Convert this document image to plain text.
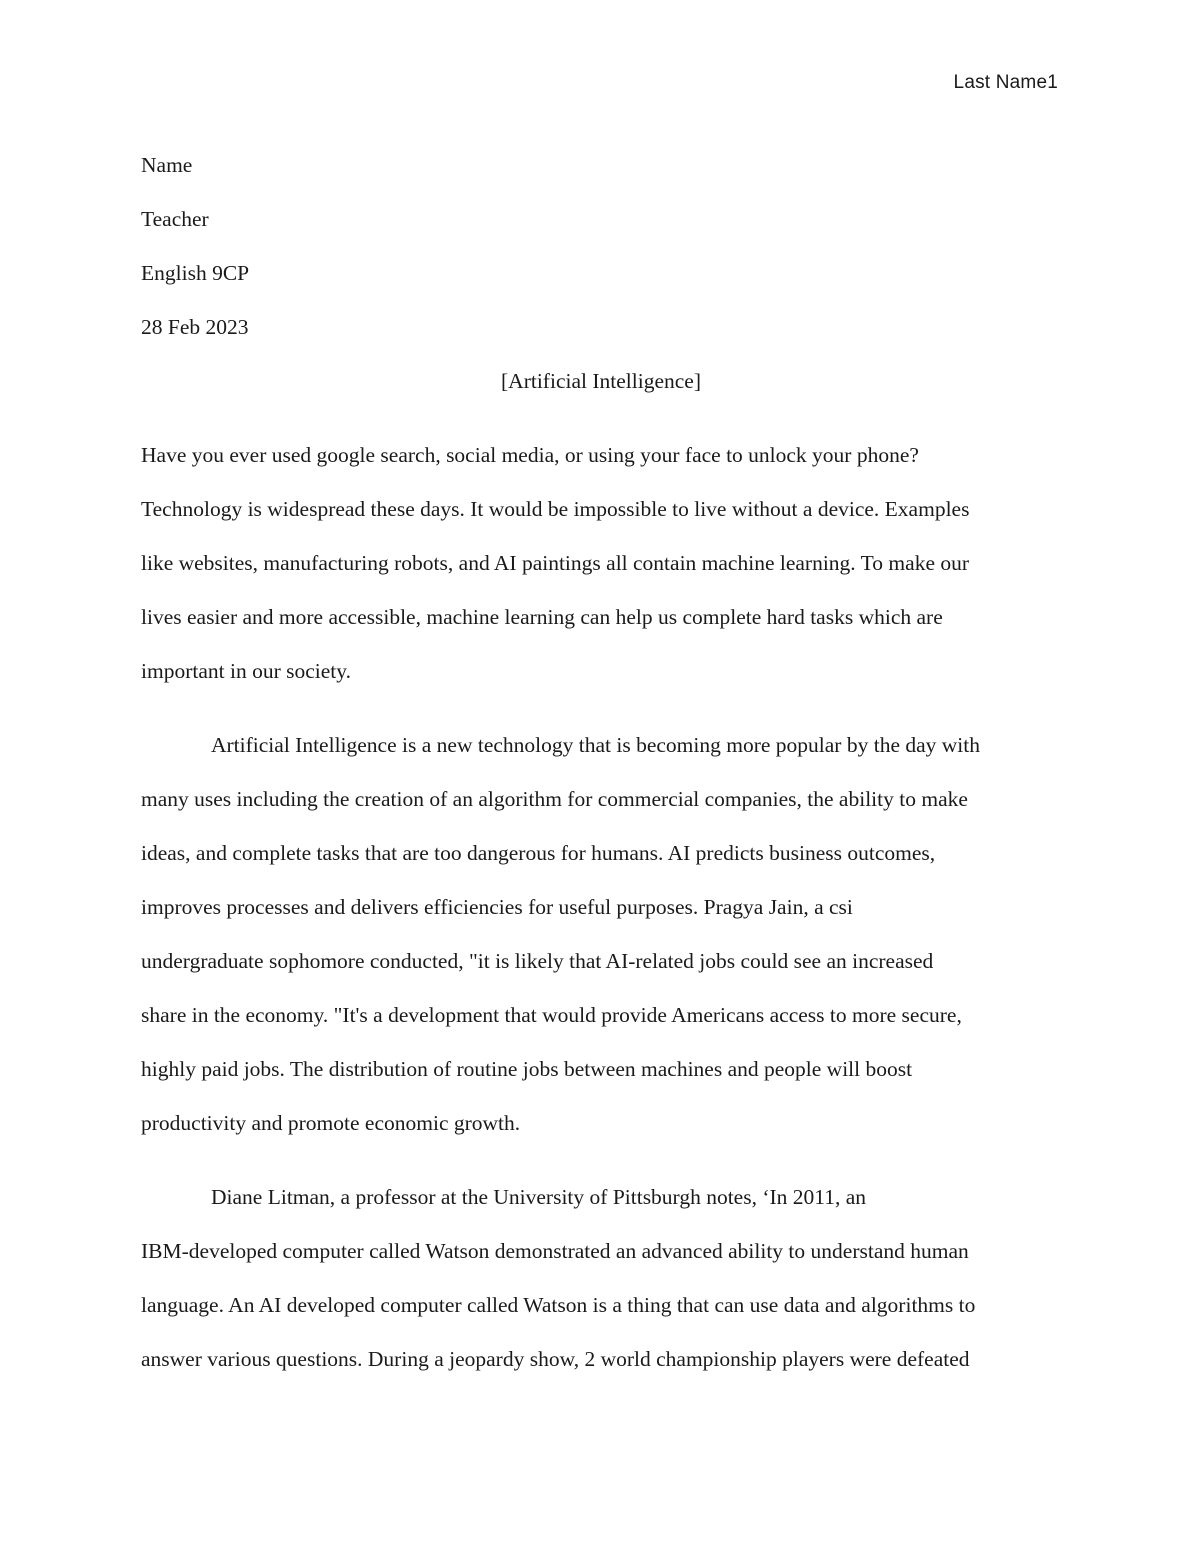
Last Name1
Name
Teacher
English 9CP
28 Feb 2023
[Artificial Intelligence]
Have you ever used google search, social media, or using your face to unlock your phone?
Technology is widespread these days. It would be impossible to live without a device. Examples
like websites, manufacturing robots, and AI paintings all contain machine learning. To make our
lives easier and more accessible, machine learning can help us complete hard tasks which are
important in our society.
Artificial Intelligence is a new technology that is becoming more popular by the day with
many uses including the creation of an algorithm for commercial companies, the ability to make
ideas, and complete tasks that are too dangerous for humans. AI predicts business outcomes,
improves processes and delivers efficiencies for useful purposes. Pragya Jain, a csi
undergraduate sophomore conducted, "it is likely that AI-related jobs could see an increased
share in the economy. "It's a development that would provide Americans access to more secure,
highly paid jobs. The distribution of routine jobs between machines and people will boost
productivity and promote economic growth.
Diane Litman, a professor at the University of Pittsburgh notes, ‘In 2011, an
IBM-developed computer called Watson demonstrated an advanced ability to understand human
language. An AI developed computer called Watson is a thing that can use data and algorithms to
answer various questions. During a jeopardy show, 2 world championship players were defeated
